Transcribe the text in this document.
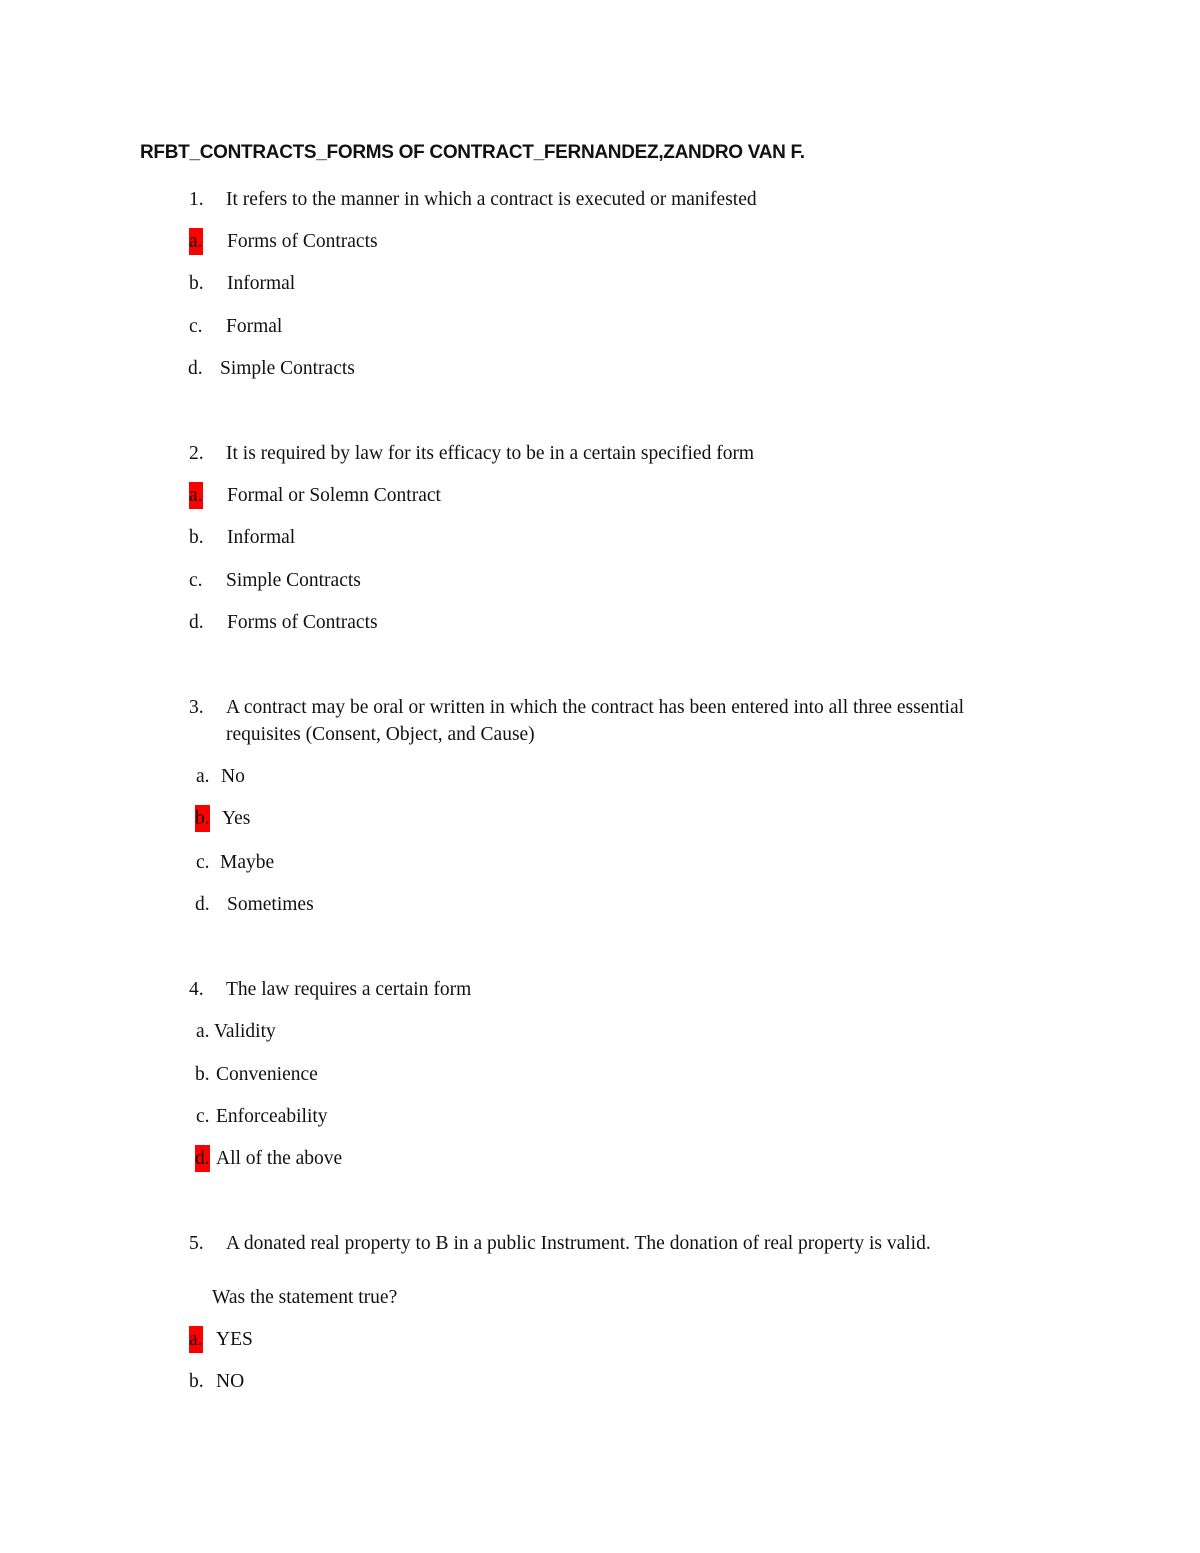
RFBT_CONTRACTS_FORMS OF CONTRACT_FERNANDEZ,ZANDRO VAN F.
1. It refers to the manner in which a contract is executed or manifested
a. Forms of Contracts
b. Informal
c. Formal
d. Simple Contracts
2. It is required by law for its efficacy to be in a certain specified form
a. Formal or Solemn Contract
b. Informal
c. Simple Contracts
d. Forms of Contracts
3. A contract may be oral or written in which the contract has been entered into all three essential
requisites (Consent, Object, and Cause)
a. No
b. Yes
c. Maybe
d. Sometimes
4. The law requires a certain form
a. Validity
b. Convenience
c. Enforceability
d. All of the above
5. A donated real property to B in a public Instrument. The donation of real property is valid.
Was the statement true?
a. YES
b. NO
